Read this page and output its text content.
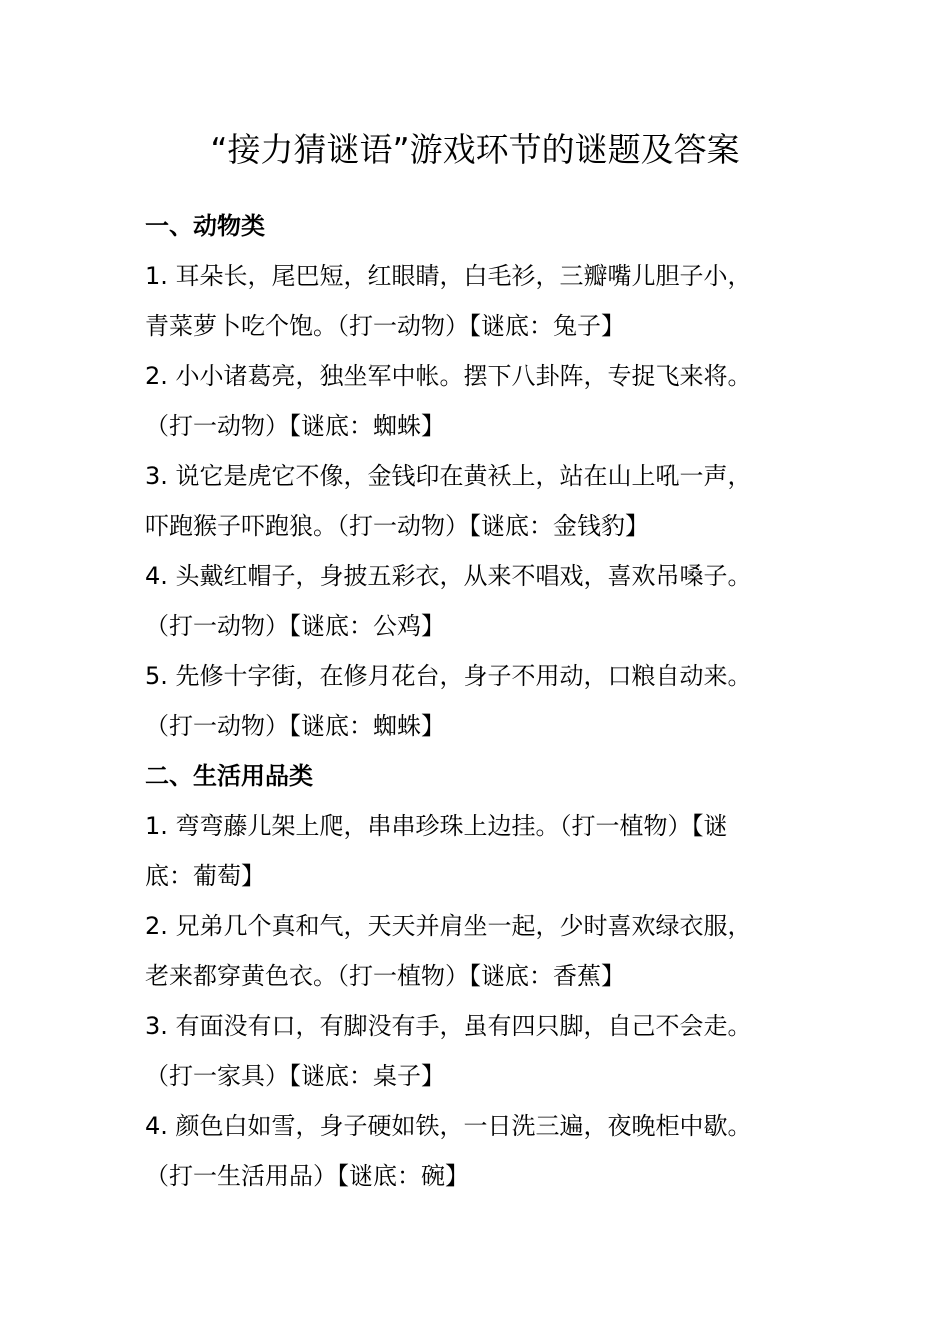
“接力猜谜语”游戏环节的谜题及答案
一、动物类
1. 耳朵长，尾巴短，红眼睛，白毛衫，三瓣嘴儿胆子小，
青菜萝卜吃个饱。（打一动物）【谜底：兔子】
2. 小小诸葛亮，独坐军中帐。摆下八卦阵，专捉飞来将。
（打一动物）【谜底：蜘蛛】
3. 说它是虎它不像，金钱印在黄袄上，站在山上吼一声，
吓跑猴子吓跑狼。（打一动物）【谜底：金钱豹】
4. 头戴红帽子，身披五彩衣，从来不唱戏，喜欢吊嗓子。
（打一动物）【谜底：公鸡】
5. 先修十字街，在修月花台，身子不用动，口粮自动来。
（打一动物）【谜底：蜘蛛】
二、生活用品类
1. 弯弯藤儿架上爬，串串珍珠上边挂。（打一植物）【谜
底：葡萄】
2. 兄弟几个真和气，天天并肩坐一起，少时喜欢绿衣服，
老来都穿黄色衣。（打一植物）【谜底：香蕉】
3. 有面没有口，有脚没有手，虽有四只脚，自己不会走。
（打一家具）【谜底：桌子】
4. 颜色白如雪，身子硬如铁，一日洗三遍，夜晚柜中歇。
（打一生活用品）【谜底：碗】
